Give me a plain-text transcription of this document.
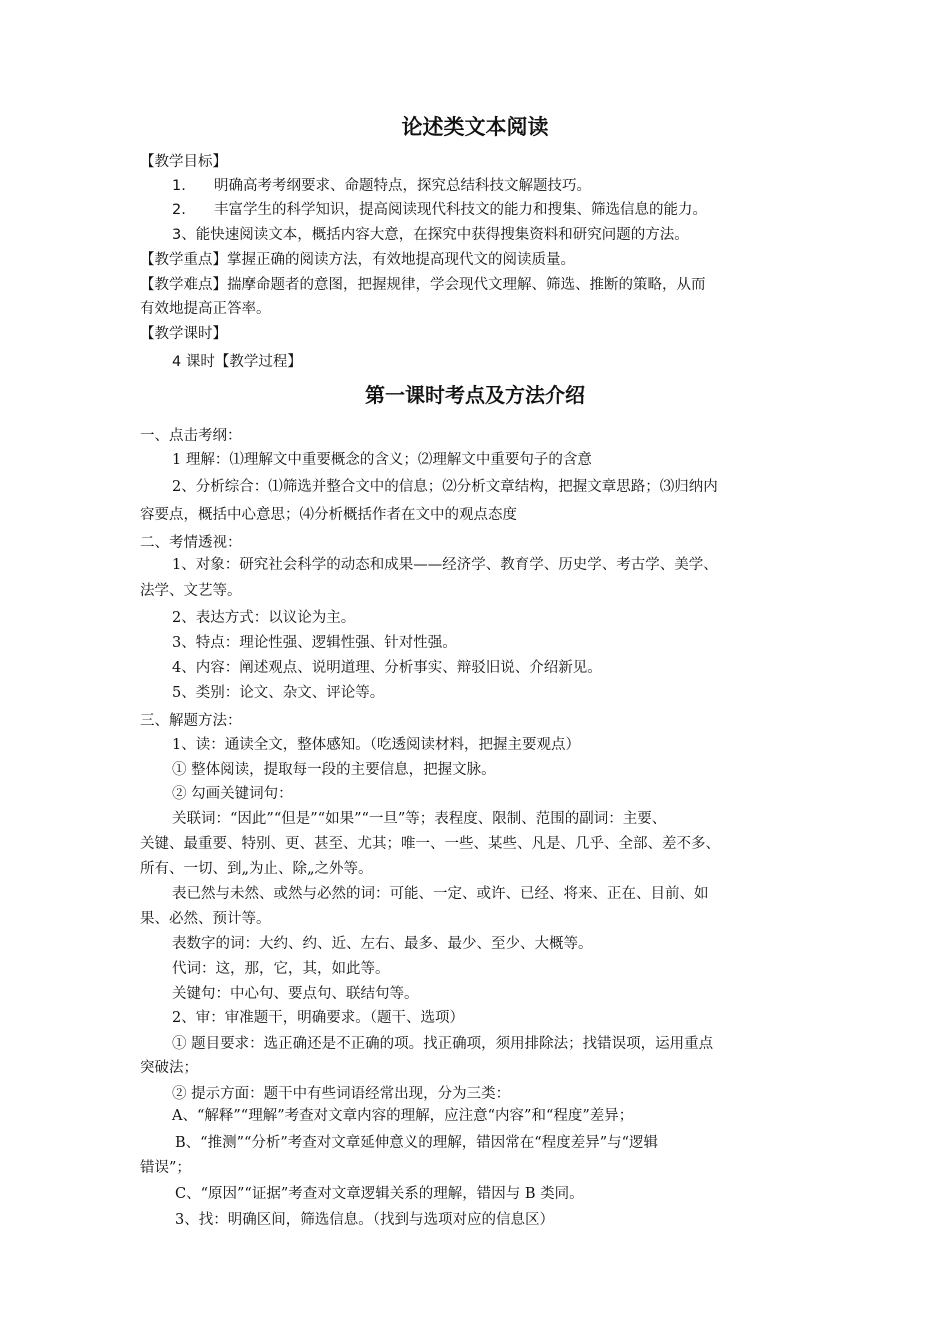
论述类文本阅读
【教学目标】
1. 明确高考考纲要求、命题特点，探究总结科技文解题技巧。
2. 丰富学生的科学知识，提高阅读现代科技文的能力和搜集、筛选信息的能力。
3、能快速阅读文本，概括内容大意，在探究中获得搜集资料和研究问题的方法。
【教学重点】掌握正确的阅读方法，有效地提高现代文的阅读质量。
【教学难点】揣摩命题者的意图，把握规律，学会现代文理解、筛选、推断的策略，从而
有效地提高正答率。
【教学课时】
4 课时【教学过程】
第一课时考点及方法介绍
一、点击考纲：
1 理解：⑴理解文中重要概念的含义；⑵理解文中重要句子的含意
2、分析综合：⑴筛选并整合文中的信息；⑵分析文章结构，把握文章思路；⑶归纳内
容要点，概括中心意思；⑷分析概括作者在文中的观点态度
二、考情透视：
1、对象：研究社会科学的动态和成果——经济学、教育学、历史学、考古学、美学、
法学、文艺等。
2、表达方式：以议论为主。
3、特点：理论性强、逻辑性强、针对性强。
4、内容：阐述观点、说明道理、分析事实、辩驳旧说、介绍新见。
5、类别：论文、杂文、评论等。
三、解题方法：
1、读：通读全文，整体感知。（吃透阅读材料，把握主要观点）
① 整体阅读，提取每一段的主要信息，把握文脉。
② 勾画关键词句：
关联词：“因此”“但是”“如果”“一旦”等；表程度、限制、范围的副词：主要、
关键、最重要、特别、更、甚至、尤其；唯一、一些、某些、凡是、几乎、全部、差不多、
所有、一切、到„为止、除„之外等。
表已然与未然、或然与必然的词：可能、一定、或许、已经、将来、正在、目前、如
果、必然、预计等。
表数字的词：大约、约、近、左右、最多、最少、至少、大概等。
代词：这，那，它，其，如此等。
关键句：中心句、要点句、联结句等。
2、审：审准题干，明确要求。（题干、选项）
① 题目要求：选正确还是不正确的项。找正确项，须用排除法；找错误项，运用重点
突破法；
② 提示方面：题干中有些词语经常出现，分为三类：
A、“解释”“理解”考查对文章内容的理解，应注意“内容”和“程度”差异；
B、“推测”“分析”考查对文章延伸意义的理解，错因常在“程度差异”与“逻辑
错误”；
C、“原因”“证据”考查对文章逻辑关系的理解，错因与 B 类同。
3、找：明确区间，筛选信息。（找到与选项对应的信息区）
